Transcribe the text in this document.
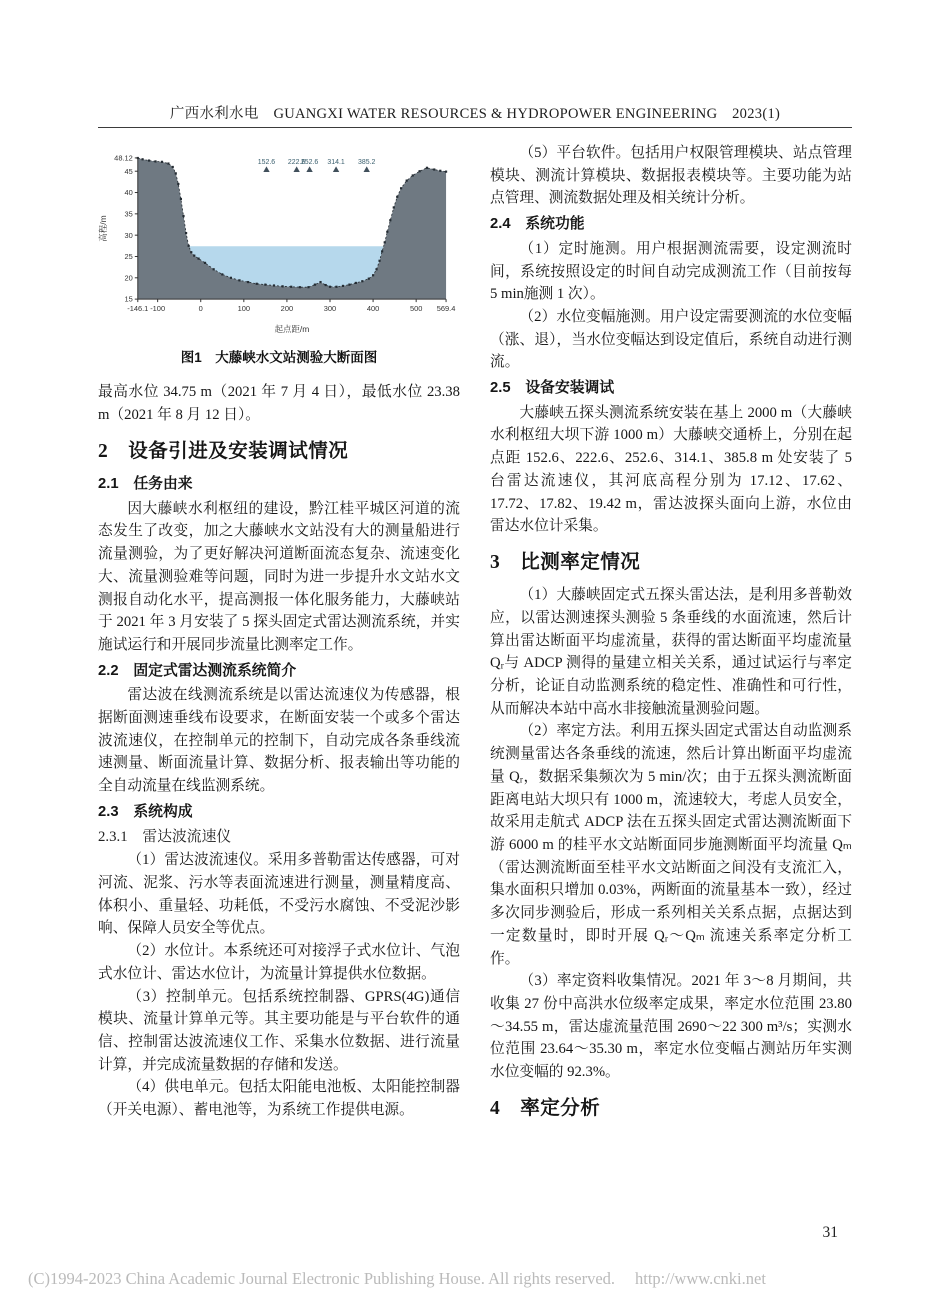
广西水利水电　GUANGXI WATER RESOURCES & HYDROPOWER ENGINEERING　2023(1)
48.12
45
40
35
30
25
20
15
-146.1 -100	0	100	200	300	400	500 569.4
起点距/m
高程/m
152.6 222.6
252.6 314.1 385.2
图1　大藤峡水文站测验大断面图

最高水位 34.75 m（2021 年 7 月 4 日），最低水位 23.38 m（2021 年 8 月 12 日）。

2　设备引进及安装调试情况
2.1　任务由来

因大藤峡水利枢纽的建设，黔江桂平城区河道的流态发生了改变，加之大藤峡水文站没有大的测量船进行流量测验，为了更好解决河道断面流态复杂、流速变化大、流量测验难等问题，同时为进一步提升水文站水文测报自动化水平，提高测报一体化服务能力，大藤峡站于 2021 年 3 月安装了 5 探头固定式雷达测流系统，并实施试运行和开展同步流量比测率定工作。

2.2　固定式雷达测流系统简介

雷达波在线测流系统是以雷达流速仪为传感器，根据断面测速垂线布设要求，在断面安装一个或多个雷达波流速仪，在控制单元的控制下，自动完成各条垂线流速测量、断面流量计算、数据分析、报表输出等功能的全自动流量在线监测系统。

2.3　系统构成
2.3.1　雷达波流速仪

（1）雷达波流速仪。采用多普勒雷达传感器，可对河流、泥浆、污水等表面流速进行测量，测量精度高、体积小、重量轻、功耗低，不受污水腐蚀、不受泥沙影响、保障人员安全等优点。

（2）水位计。本系统还可对接浮子式水位计、气泡式水位计、雷达水位计，为流量计算提供水位数据。

（3）控制单元。包括系统控制器、GPRS(4G)通信模块、流量计算单元等。其主要功能是与平台软件的通信、控制雷达波流速仪工作、采集水位数据、进行流量计算，并完成流量数据的存储和发送。

（4）供电单元。包括太阳能电池板、太阳能控制器（开关电源）、蓄电池等，为系统工作提供电源。

（5）平台软件。包括用户权限管理模块、站点管理模块、测流计算模块、数据报表模块等。主要功能为站点管理、测流数据处理及相关统计分析。

2.4　系统功能

（1）定时施测。用户根据测流需要，设定测流时间，系统按照设定的时间自动完成测流工作（目前按每 5 min施测 1 次）。

（2）水位变幅施测。用户设定需要测流的水位变幅（涨、退），当水位变幅达到设定值后，系统自动进行测流。

2.5　设备安装调试

大藤峡五探头测流系统安装在基上 2000 m（大藤峡水利枢纽大坝下游 1000 m）大藤峡交通桥上，分别在起点距 152.6、222.6、252.6、314.1、385.8 m 处安装了 5 台雷达流速仪，其河底高程分别为 17.12、17.62、17.72、17.82、19.42 m，雷达波探头面向上游，水位由雷达水位计采集。

3　比测率定情况

（1）大藤峡固定式五探头雷达法，是利用多普勒效应，以雷达测速探头测验 5 条垂线的水面流速，然后计算出雷达断面平均虚流量，获得的雷达断面平均虚流量 Qᵣ与 ADCP 测得的量建立相关关系，通过试运行与率定分析，论证自动监测系统的稳定性、准确性和可行性，从而解决本站中高水非接触流量测验问题。

（2）率定方法。利用五探头固定式雷达自动监测系统测量雷达各条垂线的流速，然后计算出断面平均虚流量 Qᵣ，数据采集频次为 5 min/次；由于五探头测流断面距离电站大坝只有 1000 m，流速较大，考虑人员安全，故采用走航式 ADCP 法在五探头固定式雷达测流断面下游 6000 m 的桂平水文站断面同步施测断面平均流量 Qₘ（雷达测流断面至桂平水文站断面之间没有支流汇入，集水面积只增加 0.03%，两断面的流量基本一致），经过多次同步测验后，形成一系列相关关系点据，点据达到一定数量时，即时开展 Qᵣ～Qₘ 流速关系率定分析工作。

（3）率定资料收集情况。2021 年 3～8 月期间，共收集 27 份中高洪水位级率定成果，率定水位范围 23.80～34.55 m，雷达虚流量范围 2690～22 300 m³/s；实测水位范围 23.64～35.30 m，率定水位变幅占测站历年实测水位变幅的 92.3%。

4　率定分析
31
(C)1994-2023 China Academic Journal Electronic Publishing House. All rights reserved. http://www.cnki.net
